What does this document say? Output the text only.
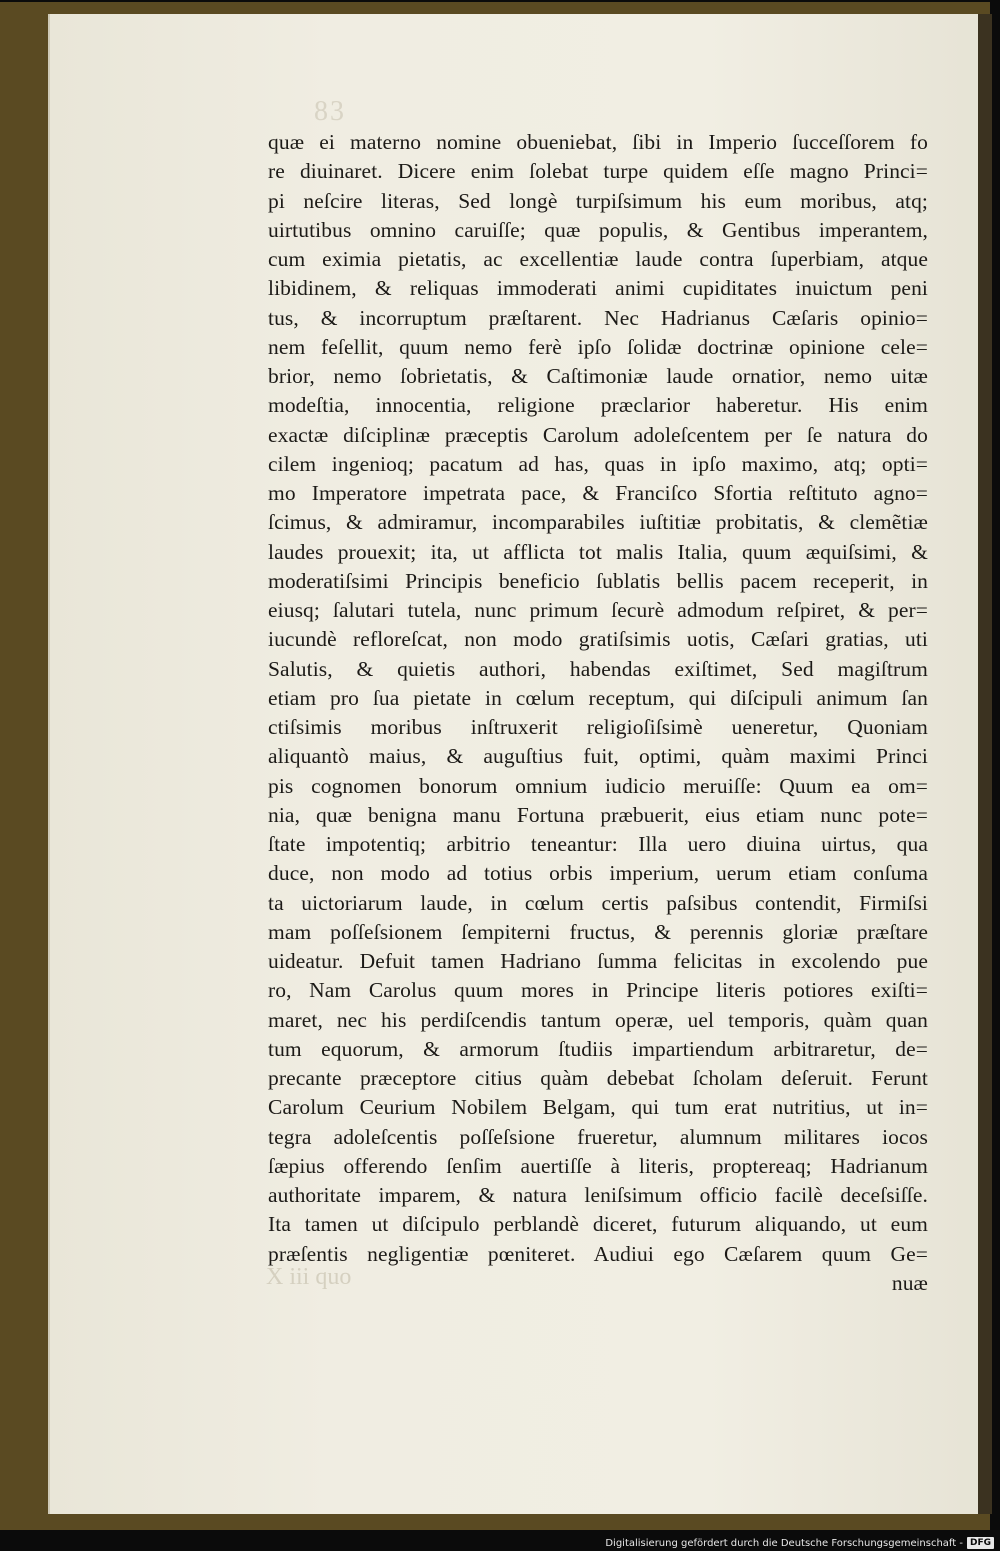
83
X iii quo
quæ ei materno nomine obueniebat, ſibi in Imperio ſucceſſorem fo
re diuinaret. Dicere enim ſolebat turpe quidem eſſe magno Princi=
pi neſcire literas, Sed longè turpiſsimum his eum moribus, atq;
uirtutibus omnino caruiſſe; quæ populis, & Gentibus imperantem,
cum eximia pietatis, ac excellentiæ laude contra ſuperbiam, atque
libidinem, & reliquas immoderati animi cupiditates inuictum peni
tus, & incorruptum præſtarent. Nec Hadrianus Cæſaris opinio=
nem feſellit, quum nemo ferè ipſo ſolidæ doctrinæ opinione cele=
brior, nemo ſobrietatis, & Caſtimoniæ laude ornatior, nemo uitæ
modeſtia, innocentia, religione præclarior haberetur. His enim
exactæ diſciplinæ præceptis Carolum adoleſcentem per ſe natura do
cilem ingenioq; pacatum ad has, quas in ipſo maximo, atq; opti=
mo Imperatore impetrata pace, & Franciſco Sfortia reſtituto agno=
ſcimus, & admiramur, incomparabiles iuſtitiæ probitatis, & clemẽtiæ
laudes prouexit; ita, ut afflicta tot malis Italia, quum æquiſsimi, &
moderatiſsimi Principis beneficio ſublatis bellis pacem receperit, in
eiusq; ſalutari tutela, nunc primum ſecurè admodum reſpiret, & per=
iucundè refloreſcat, non modo gratiſsimis uotis, Cæſari gratias, uti
Salutis, & quietis authori, habendas exiſtimet, Sed magiſtrum
etiam pro ſua pietate in cœlum receptum, qui diſcipuli animum ſan
ctiſsimis moribus inſtruxerit religioſiſsimè ueneretur, Quoniam
aliquantò maius, & auguſtius fuit, optimi, quàm maximi Princi
pis cognomen bonorum omnium iudicio meruiſſe: Quum ea om=
nia, quæ benigna manu Fortuna præbuerit, eius etiam nunc pote=
ſtate impotentiq; arbitrio teneantur: Illa uero diuina uirtus, qua
duce, non modo ad totius orbis imperium, uerum etiam conſuma
ta uictoriarum laude, in cœlum certis paſsibus contendit, Firmiſsi
mam poſſeſsionem ſempiterni fructus, & perennis gloriæ præſtare
uideatur. Defuit tamen Hadriano ſumma felicitas in excolendo pue
ro, Nam Carolus quum mores in Principe literis potiores exiſti=
maret, nec his perdiſcendis tantum operæ, uel temporis, quàm quan
tum equorum, & armorum ſtudiis impartiendum arbitraretur, de=
precante præceptore citius quàm debebat ſcholam deſeruit. Ferunt
Carolum Ceurium Nobilem Belgam, qui tum erat nutritius, ut in=
tegra adoleſcentis poſſeſsione frueretur, alumnum militares iocos
ſæpius offerendo ſenſim auertiſſe à literis, proptereaq; Hadrianum
authoritate imparem, & natura leniſsimum officio facilè deceſsiſſe.
Ita tamen ut diſcipulo perblandè diceret, futurum aliquando, ut eum
præſentis negligentiæ pœniteret. Audiui ego Cæſarem quum Ge=
nuæ
Digitalisierung gefördert durch die Deutsche Forschungsgemeinschaft - DFG
